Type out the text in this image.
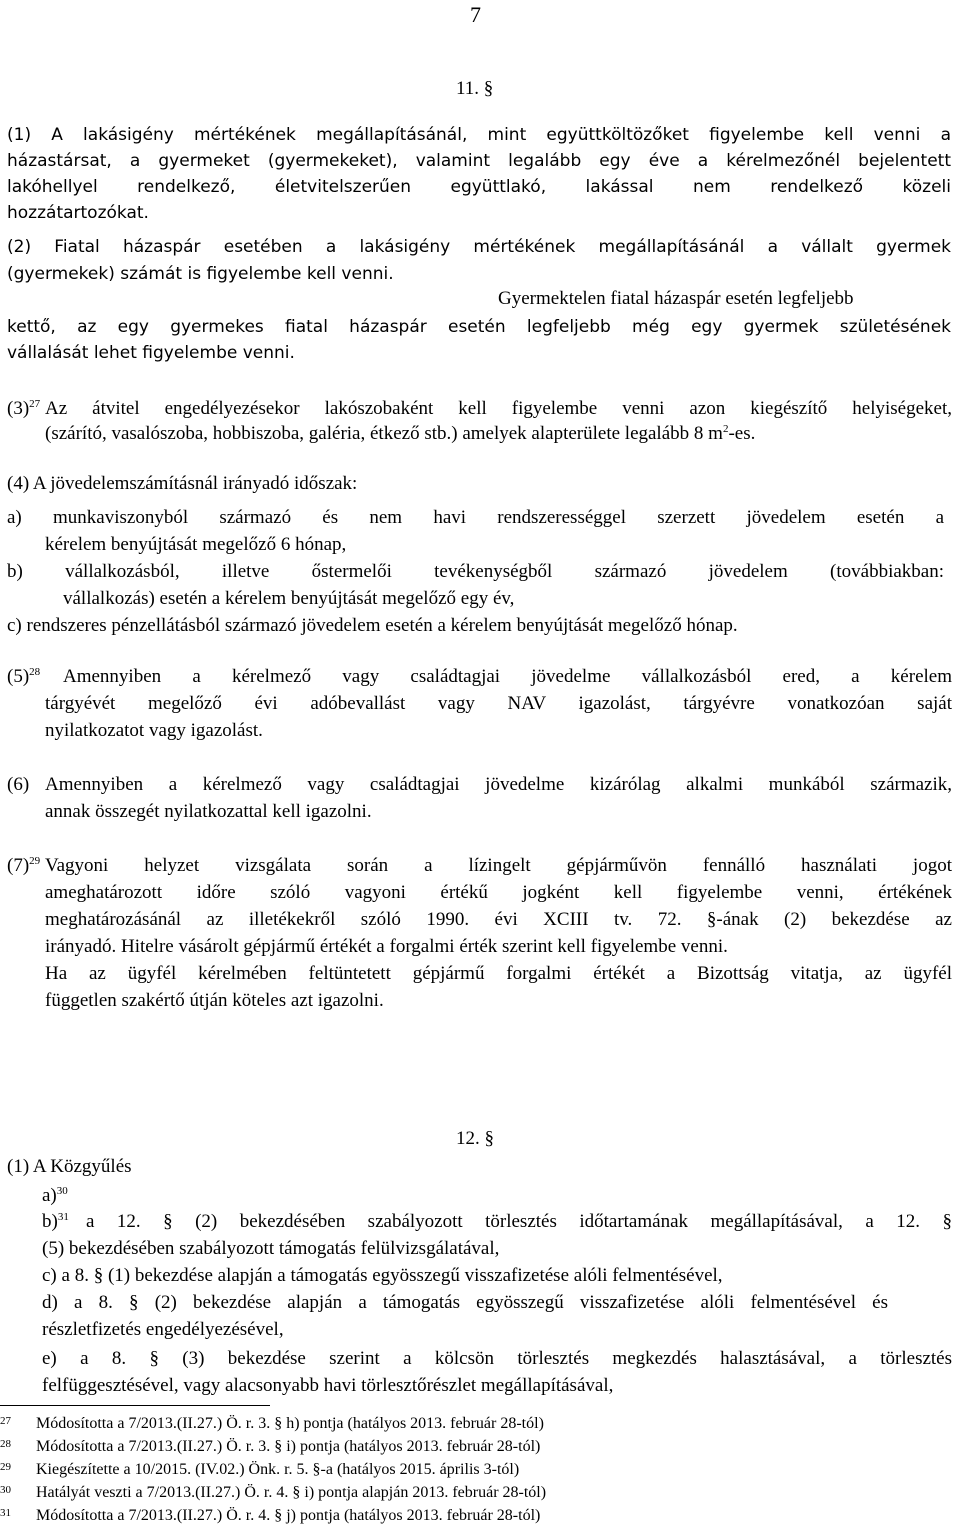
7
11. §
(1) A lakásigény mértékének megállapításánál, mint együttköltözőket figyelembe kell venni a
házastársat, a gyermeket (gyermekeket), valamint legalább egy éve a kérelmezőnél bejelentett
lakóhellyel rendelkező, életvitelszerűen együttlakó, lakással nem rendelkező közeli
hozzátartozókat.
(2) Fiatal házaspár esetében a lakásigény mértékének megállapításánál a vállalt gyermek
(gyermekek) számát is figyelembe kell venni.
Gyermektelen fiatal házaspár esetén legfeljebb
kettő, az egy gyermekes fiatal házaspár esetén legfeljebb még egy gyermek születésének
vállalását lehet figyelembe venni.
$(3)^{27}$ Az átvitel engedélyezésekor lakószobaként kell figyelembe venni azon kiegészítő helyiségeket,
(szárító, vasalószoba, hobbiszoba, galéria, étkező stb.) amelyek alapterülete legalább 8 $m^2-es$.
(4) A jövedelemszámításnál irányadó időszak:
a) munkaviszonyból származó és nem havi rendszerességgel szerzett jövedelem esetén a
kérelem benyújtását megelőző 6 hónap,
b) vállalkozásból, illetve őstermelői tevékenységből származó jövedelem (továbbiakban:
vállalkozás) esetén a kérelem benyújtását megelőző egy év,
c) rendszeres pénzellátásból származó jövedelem esetén a kérelem benyújtását megelőző hónap.
$(5)^{28}$ Amennyiben a kérelmező vagy családtagjai jövedelme vállalkozásból ered, a kérelem
tárgyévét megelőző évi adóbevallást vagy NAV igazolást, tárgyévre vonatkozóan saját
nyilatkozatot vagy igazolást.
(6) Amennyiben a kérelmező vagy családtagjai jövedelme kizárólag alkalmi munkából származik,
annak összegét nyilatkozattal kell igazolni.
$(7)^{29}$ Vagyoni helyzet vizsgálata során a lízingelt gépjárművön fennálló használati jogot
ameghatározott időre szóló vagyoni értékű jogként kell figyelembe venni, értékének
meghatározásánál az illetékekről szóló 1990. évi XCIII tv. 72. §-ának (2) bekezdése az
irányadó. Hitelre vásárolt gépjármű értékét a forgalmi érték szerint kell figyelembe venni.
Ha az ügyfél kérelmében feltüntetett gépjármű forgalmi értékét a Bizottság vitatja, az ügyfél
független szakértő útján köteles azt igazolni.
12. §
(1) A Közgyűlés
a)$^{30}$
b)$^{31}$ a 12. § (2) bekezdésében szabályozott törlesztés időtartamának megállapításával, a 12. §
(5) bekezdésében szabályozott támogatás felülvizsgálatával,
c) a 8. § (1) bekezdése alapján a támogatás egyösszegű visszafizetése alóli felmentésével,
d) a 8. § (2) bekezdése alapján a támogatás egyösszegű visszafizetése alóli felmentésével és
részletfizetés engedélyezésével,
e) a 8. § (3) bekezdése szerint a kölcsön törlesztés megkezdés halasztásával, a törlesztés
felfüggesztésével, vagy alacsonyabb havi törlesztőrészlet megállapításával,
27 Módosította a 7/2013.(II.27.) Ö. r. 3. § h) pontja (hatályos 2013. február 28-tól)
28 Módosította a 7/2013.(II.27.) Ö. r. 3. § i) pontja (hatályos 2013. február 28-tól)
29 Kiegészítette a 10/2015. (IV.02.) Önk. r. 5. §-a (hatályos 2015. április 3-tól)
30 Hatályát veszti a 7/2013.(II.27.) Ö. r. 4. § i) pontja alapján 2013. február 28-tól)
31 Módosította a 7/2013.(II.27.) Ö. r. 4. § j) pontja (hatályos 2013. február 28-tól)
